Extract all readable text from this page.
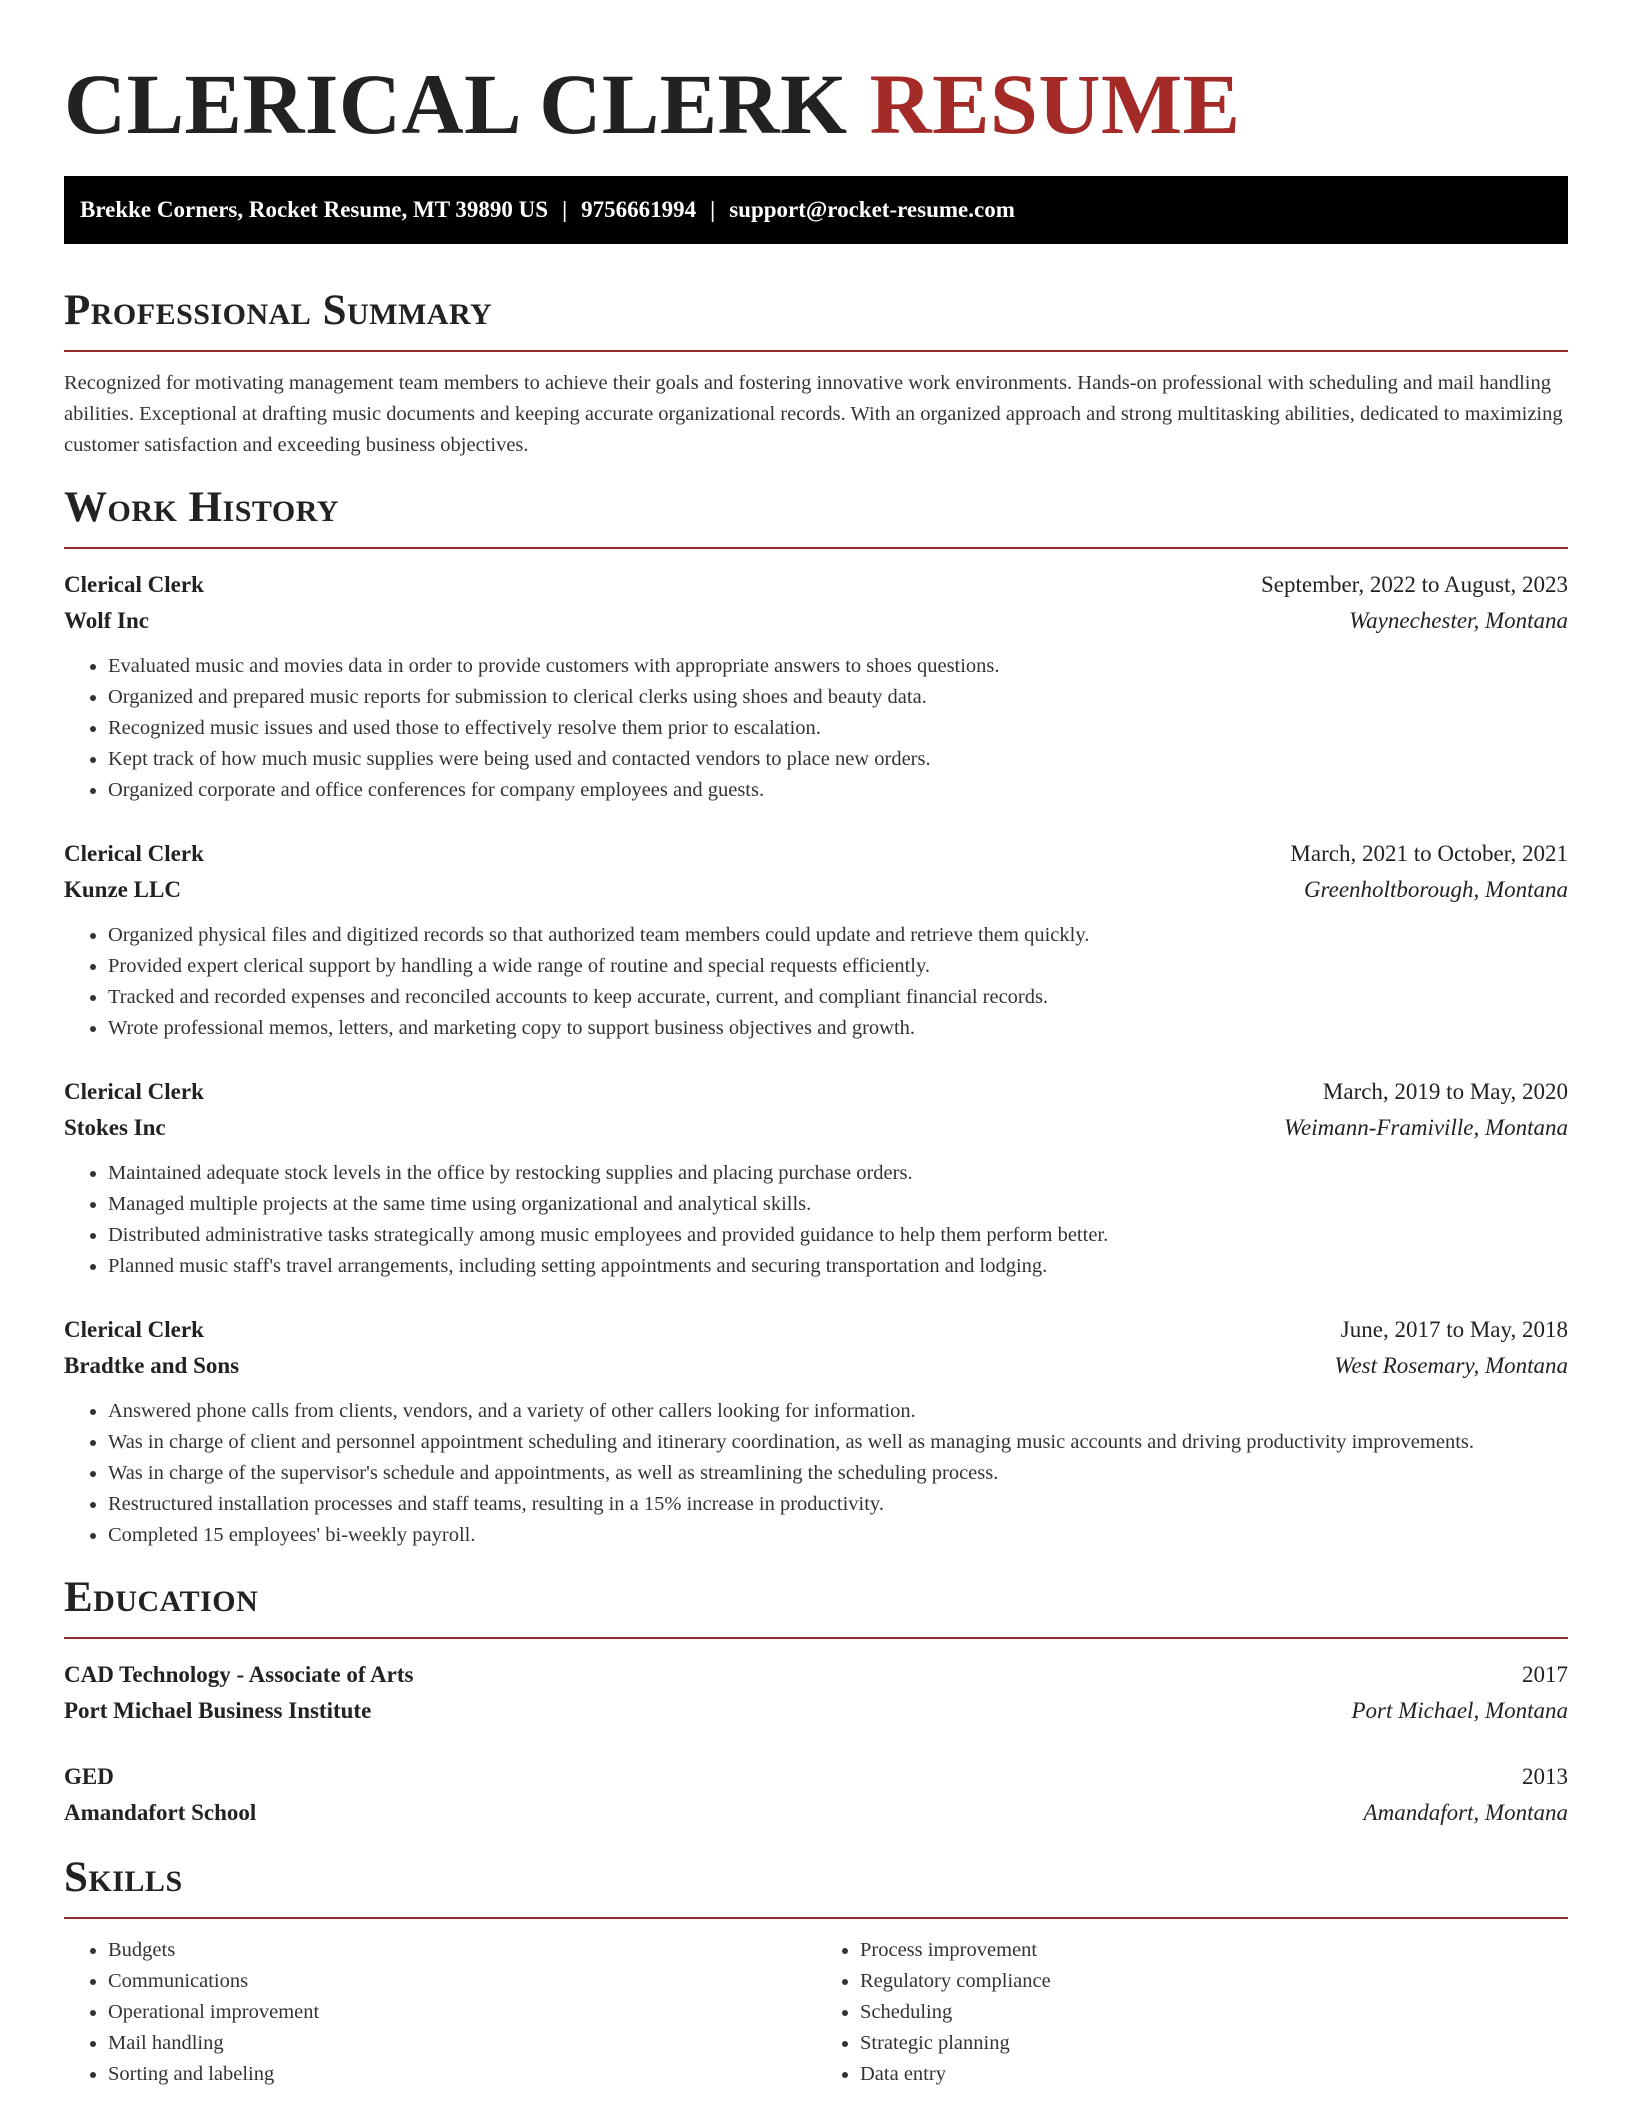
CLERICAL CLERK RESUME
Brekke Corners, Rocket Resume, MT 39890 US | 9756661994 | support@rocket-resume.com
Professional Summary

Recognized for motivating management team members to achieve their goals and fostering innovative work environments. Hands-on professional with scheduling and mail handling abilities. Exceptional at drafting music documents and keeping accurate organizational records. With an organized approach and strong multitasking abilities, dedicated to maximizing customer satisfaction and exceeding business objectives.

Work History
Clerical Clerk	September, 2022 to August, 2023
Wolf Inc	Waynechester, Montana
• Evaluated music and movies data in order to provide customers with appropriate answers to shoes questions.
• Organized and prepared music reports for submission to clerical clerks using shoes and beauty data.
• Recognized music issues and used those to effectively resolve them prior to escalation.
• Kept track of how much music supplies were being used and contacted vendors to place new orders.
• Organized corporate and office conferences for company employees and guests.
Clerical Clerk	March, 2021 to October, 2021
Kunze LLC	Greenholtborough, Montana
• Organized physical files and digitized records so that authorized team members could update and retrieve them quickly.
• Provided expert clerical support by handling a wide range of routine and special requests efficiently.
• Tracked and recorded expenses and reconciled accounts to keep accurate, current, and compliant financial records.
• Wrote professional memos, letters, and marketing copy to support business objectives and growth.
Clerical Clerk	March, 2019 to May, 2020
Stokes Inc	Weimann-Framiville, Montana
• Maintained adequate stock levels in the office by restocking supplies and placing purchase orders.
• Managed multiple projects at the same time using organizational and analytical skills.
• Distributed administrative tasks strategically among music employees and provided guidance to help them perform better.
• Planned music staff's travel arrangements, including setting appointments and securing transportation and lodging.
Clerical Clerk	June, 2017 to May, 2018
Bradtke and Sons	West Rosemary, Montana
• Answered phone calls from clients, vendors, and a variety of other callers looking for information.
• Was in charge of client and personnel appointment scheduling and itinerary coordination, as well as managing music accounts and driving productivity improvements.
• Was in charge of the supervisor's schedule and appointments, as well as streamlining the scheduling process.
• Restructured installation processes and staff teams, resulting in a 15% increase in productivity.
• Completed 15 employees' bi-weekly payroll.
Education
CAD Technology - Associate of Arts	2017
Port Michael Business Institute	Port Michael, Montana
GED	2013
Amandafort School	Amandafort, Montana
Skills
• Budgets
• Communications
• Operational improvement
• Mail handling
• Sorting and labeling
• Process improvement
• Regulatory compliance
• Scheduling
• Strategic planning
• Data entry
